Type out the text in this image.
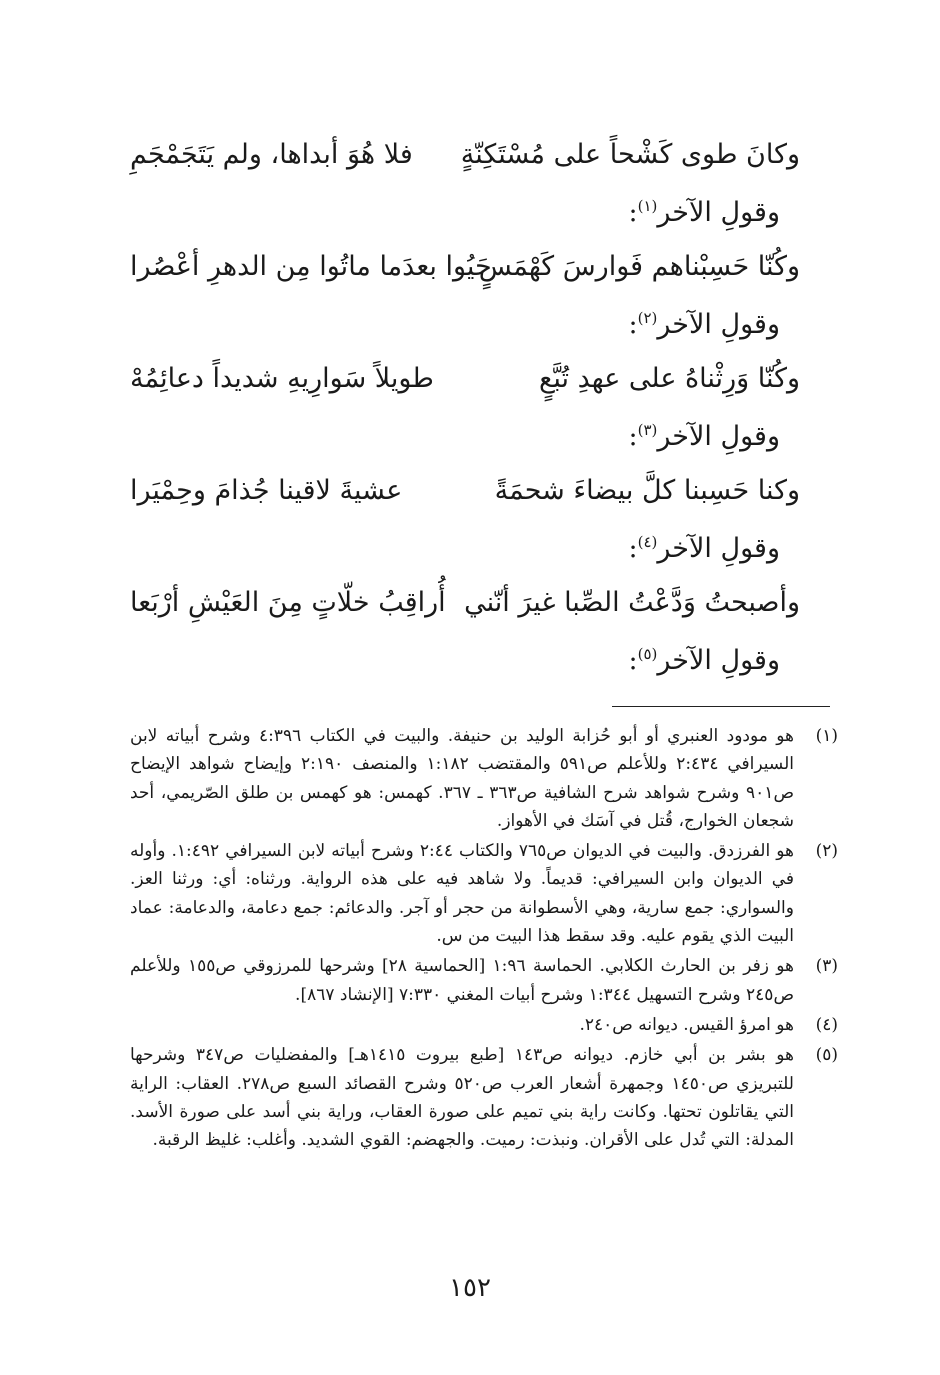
وكانَ طوى كَشْحاً على مُسْتَكِنّةٍ
فلا هُوَ أبداها، ولم يَتَجَمْجَمِ
وقولِ الآخر$^{(١)}$:
وكُنّا حَسِبْناهم فَوارسَ كَهْمَسٍ
حَيُوا بعدَما ماتُوا مِن الدهرِ أعْصُرا
وقولِ الآخر$^{(٢)}$:
وكُنّا وَرِثْناهُ على عهدِ تُبَّعٍ
طويلاً سَوارِيهِ شديداً دعائِمُهْ
وقولِ الآخر$^{(٣)}$:
وكنا حَسِبنا كلَّ بيضاءَ شحمَةً
عشيةَ لاقينا جُذامَ وحِمْيَرا
وقولِ الآخر$^{(٤)}$:
وأصبحتُ وَدَّعْتُ الصِّبا غيرَ أنّني
أُراقِبُ خلّاتٍ مِنَ العَيْشِ أرْبَعا
وقولِ الآخر$^{(٥)}$:
(١)
هو مودود العنبري أو أبو حُزابة الوليد بن حنيفة. والبيت في الكتاب ٤:٣٩٦ وشرح أبياته لابن السيرافي ٢:٤٣٤ وللأعلم ص٥٩١ والمقتضب ١:١٨٢ والمنصف ٢:١٩٠ وإيضاح شواهد الإيضاح ص٩٠١ وشرح شواهد شرح الشافية ص٣٦٣ ـ ٣٦٧. كهمس: هو كهمس بن طلق الصّريمي، أحد شجعان الخوارج، قُتل في آسَك في الأهواز.
(٢)
هو الفرزدق. والبيت في الديوان ص٧٦٥ والكتاب ٢:٤٤ وشرح أبياته لابن السيرافي ١:٤٩٢. وأوله في الديوان وابن السيرافي: قديماً. ولا شاهد فيه على هذه الرواية. ورثناه: أي: ورثنا العز. والسواري: جمع سارية، وهي الأسطوانة من حجر أو آجر. والدعائم: جمع دعامة، والدعامة: عماد البيت الذي يقوم عليه. وقد سقط هذا البيت من س.
(٣)
هو زفر بن الحارث الكلابي. الحماسة ١:٩٦ [الحماسية ٢٨] وشرحها للمرزوقي ص١٥٥ وللأعلم ص٢٤٥ وشرح التسهيل ١:٣٤٤ وشرح أبيات المغني ٧:٣٣٠ [الإنشاد ٨٦٧].
(٤)
هو امرؤ القيس. ديوانه ص٢٤٠.
(٥)
هو بشر بن أبي خازم. ديوانه ص١٤٣ [طبع بيروت ١٤١٥هـ] والمفضليات ص٣٤٧ وشرحها للتبريزي ص١٤٥٠ وجمهرة أشعار العرب ص٥٢٠ وشرح القصائد السبع ص٢٧٨. العقاب: الراية التي يقاتلون تحتها. وكانت راية بني تميم على صورة العقاب، وراية بني أسد على صورة الأسد. المدلة: التي تُدل على الأقران. ونبذت: رميت. والجهضم: القوي الشديد. وأغلب: غليظ الرقبة.
١٥٢
